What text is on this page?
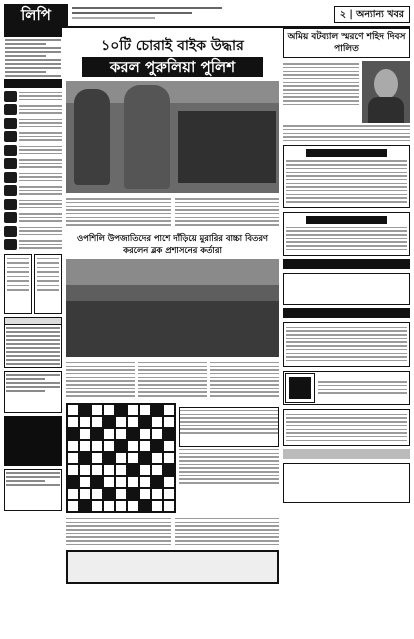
লিপি	২ | অন্যান্য খবর
১০টি চোরাই বাইক উদ্ধার
করল পুরুলিয়া পুলিশ
ওপশিলি উপজাতিদের পাশে দাঁড়িয়ে মুরারির বাচ্চা বিতরণ করলেন ব্লক প্রশাসনের কর্তারা
অমিয় বটব্যাল স্মরণে শহিদ দিবস পালিত
